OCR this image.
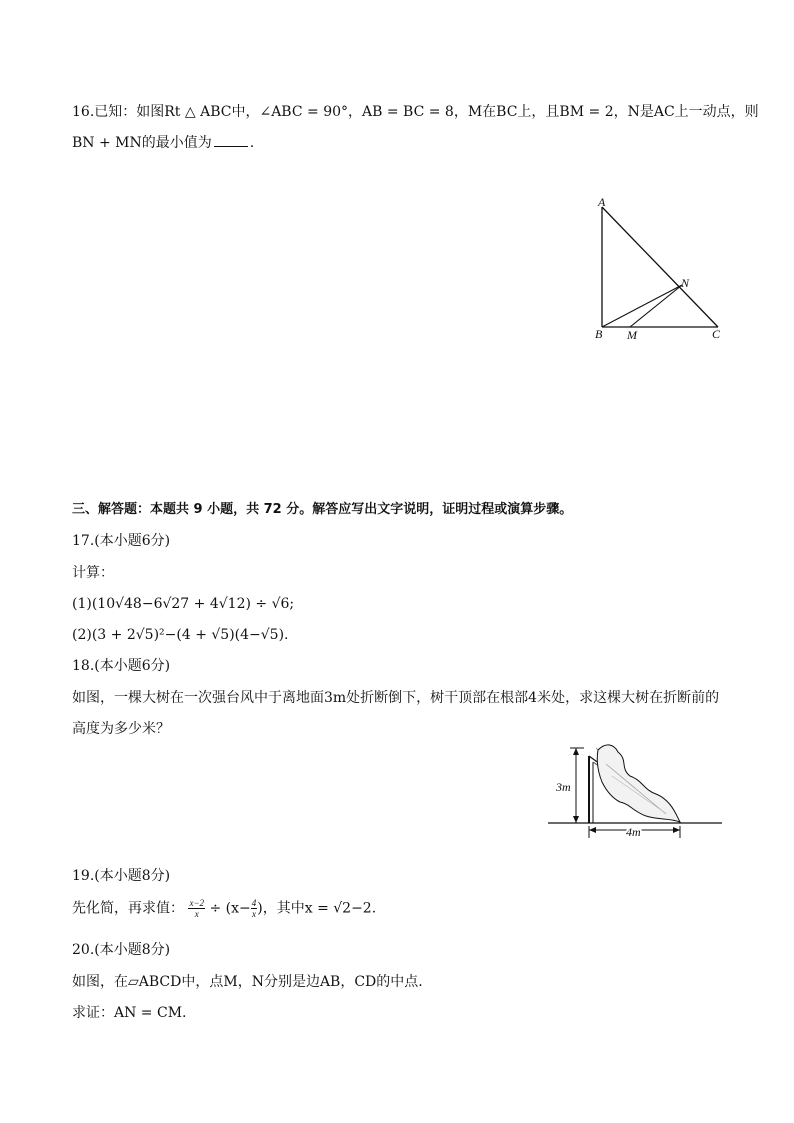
16.已知：如图Rt △ ABC中，∠ABC = 90°，AB = BC = 8，M在BC上，且BM = 2，N是AC上一动点，则
BN + MN的最小值为	.
A
B	C
M
N
三、解答题：本题共 9 小题，共 72 分。解答应写出文字说明，证明过程或演算步骤。
17.(本小题6分)
计算：
(1)(10√48−6√27 + 4√12) ÷ √6;
(2)(3 + 2√5)²−(4 + √5)(4−√5).
18.(本小题6分)
如图，一棵大树在一次强台风中于离地面3m处折断倒下，树干顶部在根部4米处，求这棵大树在折断前的
高度为多少米？
3m
4m
19.(本小题8分)
先化简，再求值： $\frac{x-2}{x} \div (x- \frac{4}{x}$ )，其中x = √2−2.
20.(本小题8分)
如图，在▱ABCD中，点M，N分别是边AB，CD的中点.
求证：AN = CM.
